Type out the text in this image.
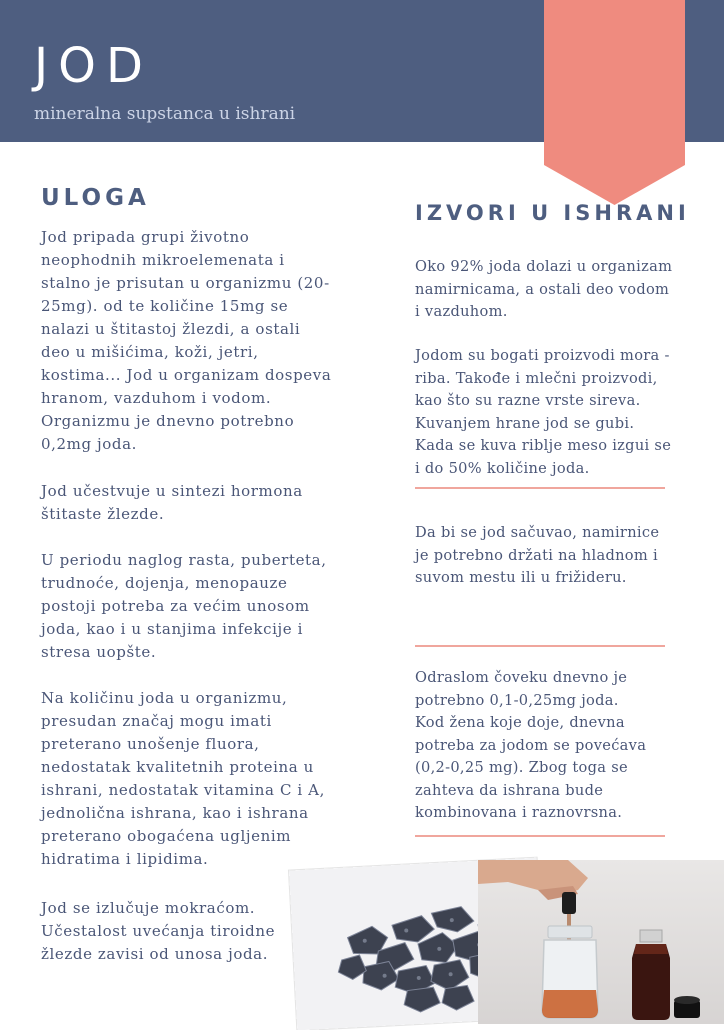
JOD
mineralna supstanca u ishrani
ULOGA

Jod pripada grupi životno
neophodnih mikroelemenata i
stalno je prisutan u organizmu (20-
25mg). od te količine 15mg se
nalazi u štitastoj žlezdi, a ostali
deo u mišićima, koži, jetri,
kostima... Jod u organizam dospeva
hranom, vazduhom i vodom.
Organizmu je dnevno potrebno
0,2mg joda.

Jod učestvuje u sintezi hormona
štitaste žlezde.

U periodu naglog rasta, puberteta,
trudnoće, dojenja, menopauze
postoji potreba za većim unosom
joda, kao i u stanjima infekcije i
stresa uopšte.

Na količinu joda u organizmu,
presudan značaj mogu imati
preterano unošenje fluora,
nedostatak kvalitetnih proteina u
ishrani, nedostatak vitamina C i A,
jednolična ishrana, kao i ishrana
preterano obogaćena ugljenim
hidratima i lipidima.

Jod se izlučuje mokraćom.
Učestalost uvećanja tiroidne
žlezde zavisi od unosa joda.

IZVORI U ISHRANI

Oko 92% joda dolazi u organizam
namirnicama, a ostali deo vodom
i vazduhom.

Jodom su bogati proizvodi mora -
riba. Takođe i mlečni proizvodi,
kao što su razne vrste sireva.
Kuvanjem hrane jod se gubi.
Kada se kuva riblje meso izgui se
i do 50% količine joda.

Da bi se jod sačuvao, namirnice
je potrebno držati na hladnom i
suvom mestu ili u frižideru.

Odraslom čoveku dnevno je
potrebno 0,1-0,25mg joda.
Kod žena koje doje, dnevna
potreba za jodom se povećava
(0,2-0,25 mg). Zbog toga se
zahteva da ishrana bude
kombinovana i raznovrsna.
